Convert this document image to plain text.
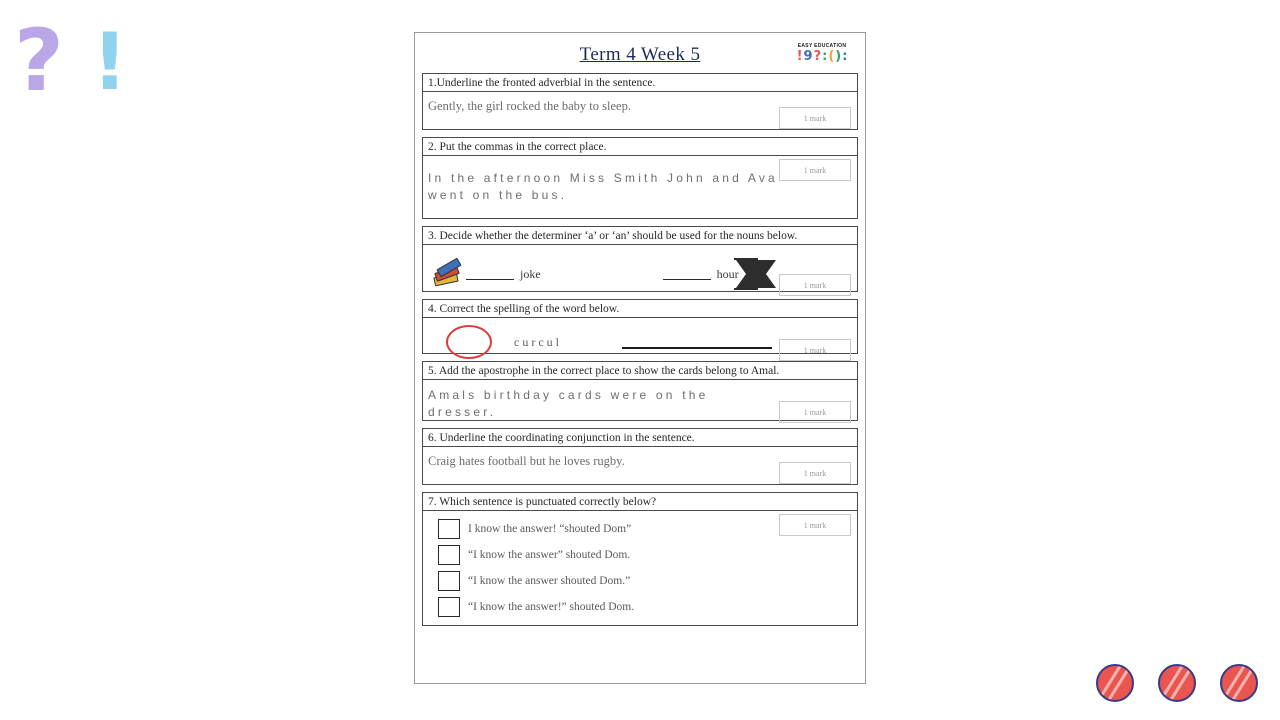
? !	Term 4 Week 5	EASY EDUCATION
! 9 ? : ( ) :
1.Underline the fronted adverbial in the sentence.
Gently, the girl rocked the baby to sleep.
1 mark
2. Put the commas in the correct place.
In the afternoon Miss Smith John and Ava
went on the bus.
1 mark
3. Decide whether the determiner ‘a’ or ‘an’ should be used for the nouns below.
joke	hour
1 mark
4. Correct the spelling of the word below.
curcul
1 mark
5. Add the apostrophe in the correct place to show the cards belong to Amal.
Amals birthday cards were on the
dresser.	1 mark
6. Underline the coordinating conjunction in the sentence.
Craig hates football but he loves rugby.
1 mark
7. Which sentence is punctuated correctly below?
I know the answer! “shouted Dom”
“I know the answer” shouted Dom.
“I know the answer shouted Dom.”
“I know the answer!” shouted Dom.
1 mark
